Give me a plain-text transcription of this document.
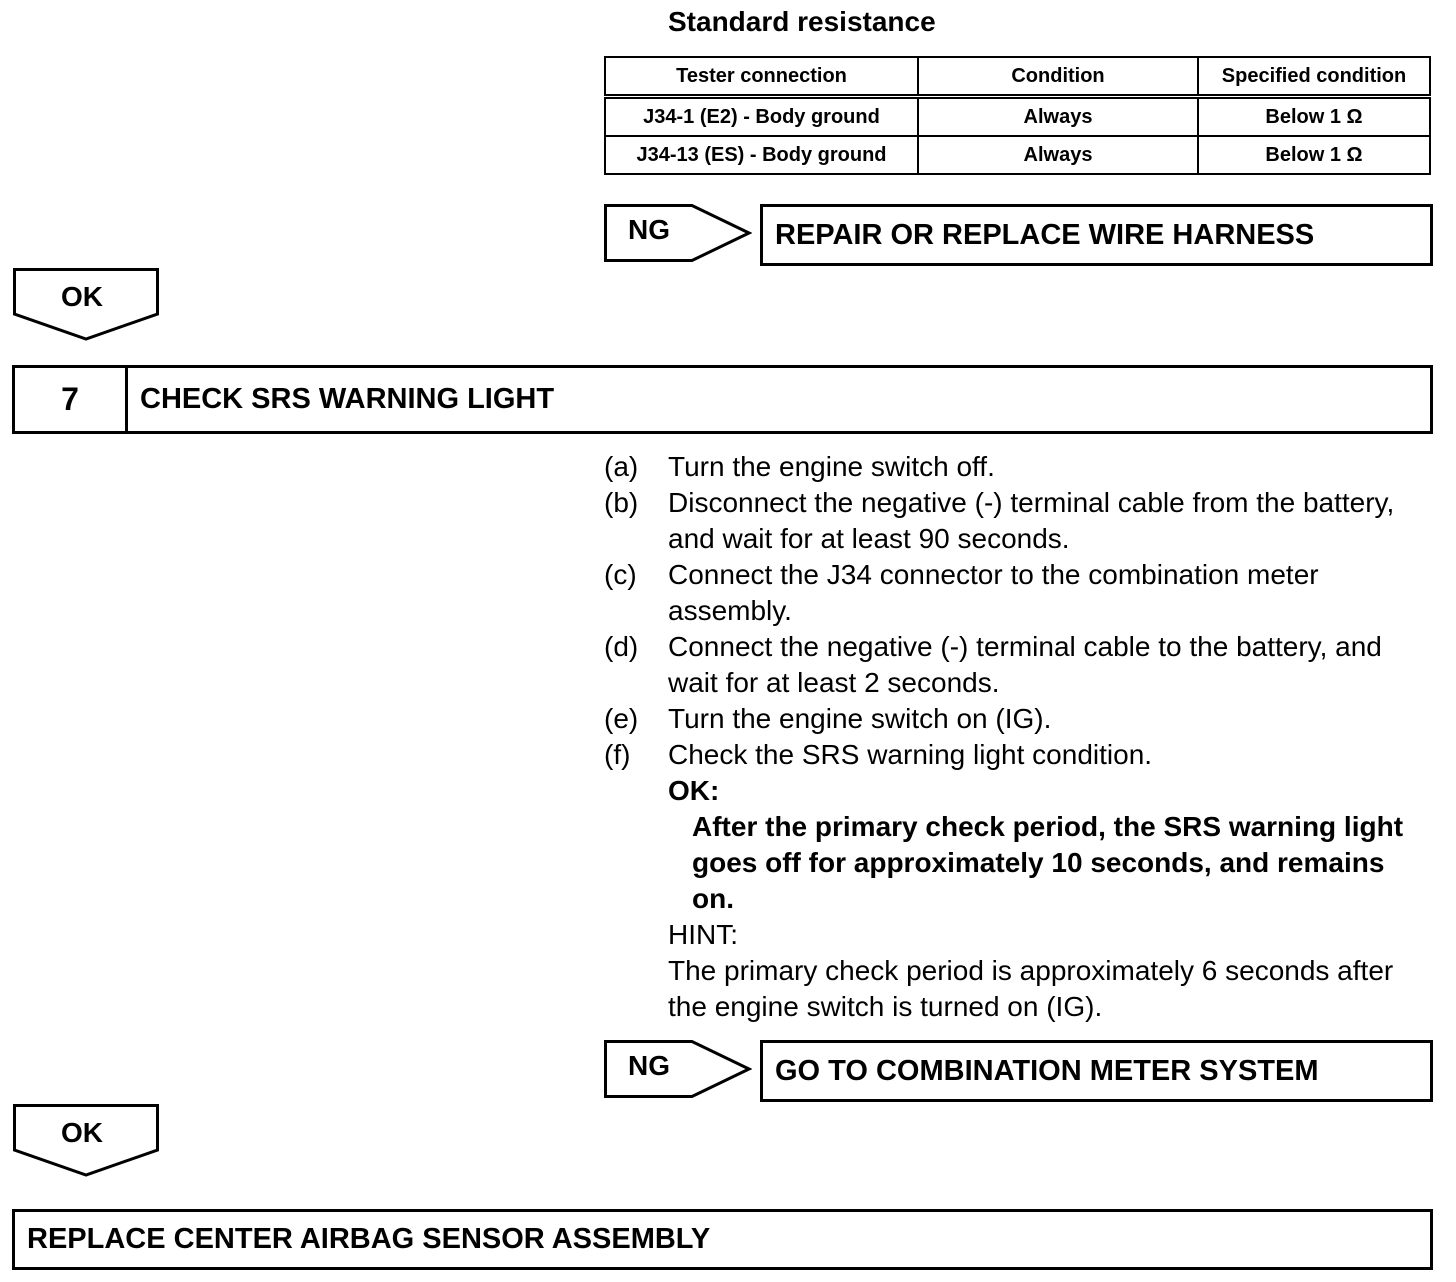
Standard resistance
Tester connection	Condition	Specified condition
J34-1 (E2) - Body ground	Always	Below 1 Ω
J34-13 (ES) - Body ground	Always	Below 1 Ω
NG	REPAIR OR REPLACE WIRE HARNESS
OK
7	CHECK SRS WARNING LIGHT
(a)	Turn the engine switch off.
(b)	Disconnect the negative (-) terminal cable from the battery, and wait for at least 90 seconds.
(c)	Connect the J34 connector to the combination meter assembly.
(d)	Connect the negative (-) terminal cable to the battery, and wait for at least 2 seconds.
(e)	Turn the engine switch on (IG).
(f)	Check the SRS warning light condition.
OK:
After the primary check period, the SRS warning light goes off for approximately 10 seconds, and remains on.
HINT:
The primary check period is approximately 6 seconds after the engine switch is turned on (IG).
NG	GO TO COMBINATION METER SYSTEM
OK
REPLACE CENTER AIRBAG SENSOR ASSEMBLY
